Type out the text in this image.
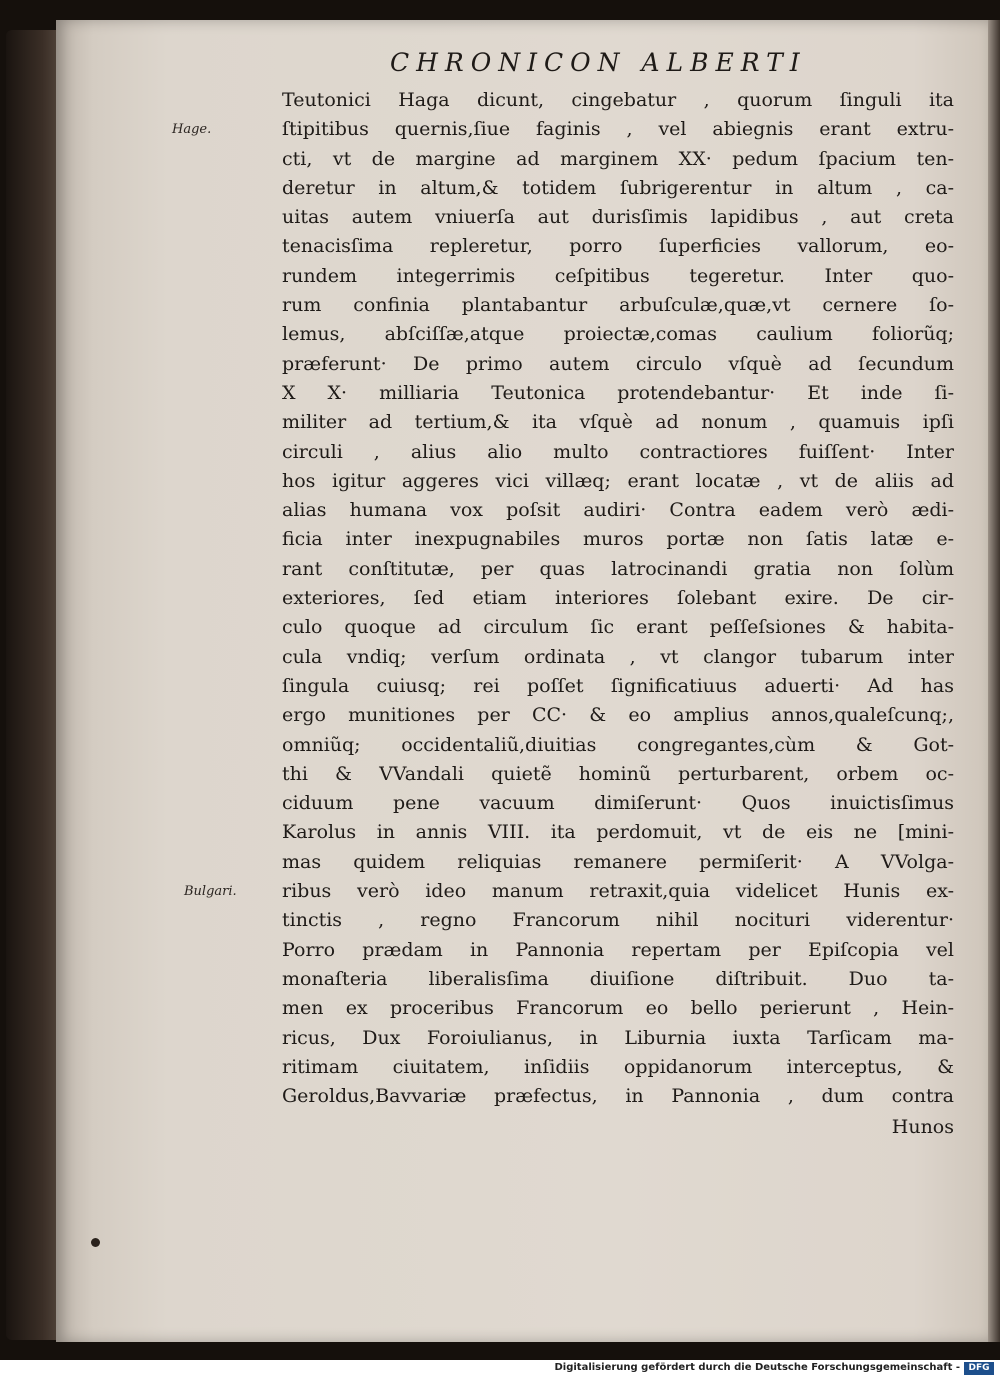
CHRONICON ALBERTI
Hage.
Bulgari.
Teutonici Haga dicunt, cingebatur , quorum ſinguli ita
ſtipitibus quernis,ſiue faginis , vel abiegnis erant extru-
cti, vt de margine ad marginem XX· pedum ſpacium ten-
deretur in altum,& totidem ſubrigerentur in altum , ca-
uitas autem vniuerſa aut durisſimis lapidibus , aut creta
tenacisſima repleretur, porro ſuperficies vallorum, eo-
rundem integerrimis ceſpitibus tegeretur. Inter quo-
rum confinia plantabantur arbuſculæ,quæ,vt cernere ſo-
lemus, abſciſſæ,atque proiectæ,comas caulium foliorũq;
præferunt· De primo autem circulo vſquè ad ſecundum
X X· milliaria Teutonica protendebantur· Et inde ſi-
militer ad tertium,& ita vſquè ad nonum , quamuis ipſi
circuli , alius alio multo contractiores fuiſſent· Inter
hos igitur aggeres vici villæq; erant locatæ , vt de aliis ad
alias humana vox poſsit audiri· Contra eadem verò ædi-
ficia inter inexpugnabiles muros portæ non ſatis latæ e-
rant conſtitutæ, per quas latrocinandi gratia non ſolùm
exteriores, ſed etiam interiores ſolebant exire. De cir-
culo quoque ad circulum ſic erant peſſeſsiones & habita-
cula vndiq; verſum ordinata , vt clangor tubarum inter
ſingula cuiusq; rei poſſet ſignificatiuus aduerti· Ad has
ergo munitiones per CC· & eo amplius annos,qualeſcunq;,
omniũq; occidentaliũ,diuitias congregantes,cùm & Got-
thi & VVandali quietẽ hominũ perturbarent, orbem oc-
ciduum pene vacuum dimiſerunt· Quos inuictisſimus
Karolus in annis VIII. ita perdomuit, vt de eis ne [mini-
mas quidem reliquias remanere permiſerit· A VVolga-
ribus verò ideo manum retraxit,quia videlicet Hunis ex-
tinctis , regno Francorum nihil nocituri viderentur·
Porro prædam in Pannonia repertam per Epiſcopia vel
monaſteria liberalisſima diuiſione diſtribuit. Duo ta-
men ex proceribus Francorum eo bello perierunt , Hein-
ricus, Dux Foroiulianus, in Liburnia iuxta Tarſicam ma-
ritimam ciuitatem, inſidiis oppidanorum interceptus, &
Geroldus,Bavvariæ præfectus, in Pannonia , dum contra
Hunos
Digitalisierung gefördert durch die Deutsche Forschungsgemeinschaft - DFG
